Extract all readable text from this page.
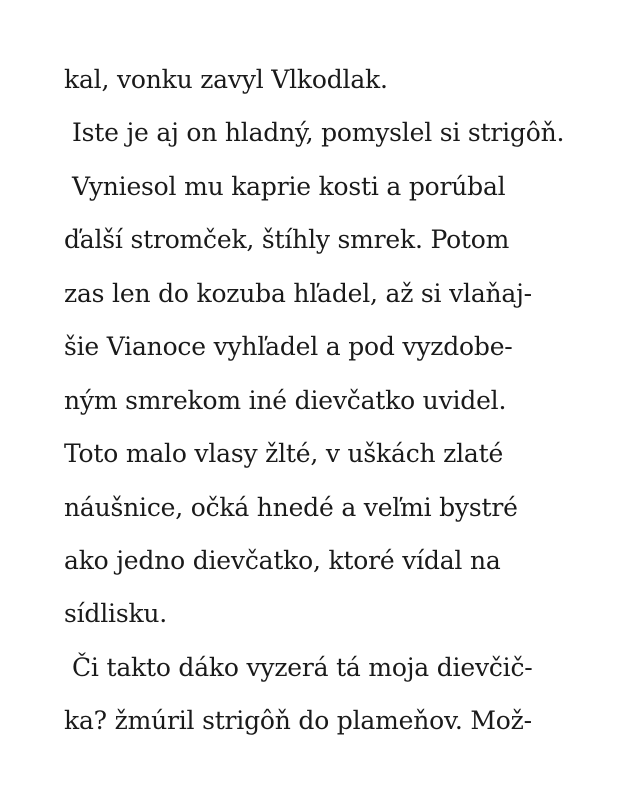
kal, vonku zavyl Vlkodlak.
Iste je aj on hladný, pomyslel si strigôň.
Vyniesol mu kaprie kosti a porúbal
ďalší stromček, štíhly smrek. Potom
zas len do kozuba hľadel, až si vlaňaj-
šie Vianoce vyhľadel a pod vyzdobe-
ným smrekom iné dievčatko uvidel.
Toto malo vlasy žlté, v uškách zlaté
náušnice, očká hnedé a veľmi bystré
ako jedno dievčatko, ktoré vídal na
sídlisku.
Či takto dáko vyzerá tá moja dievčič-
ka? žmúril strigôň do plameňov. Mož-
